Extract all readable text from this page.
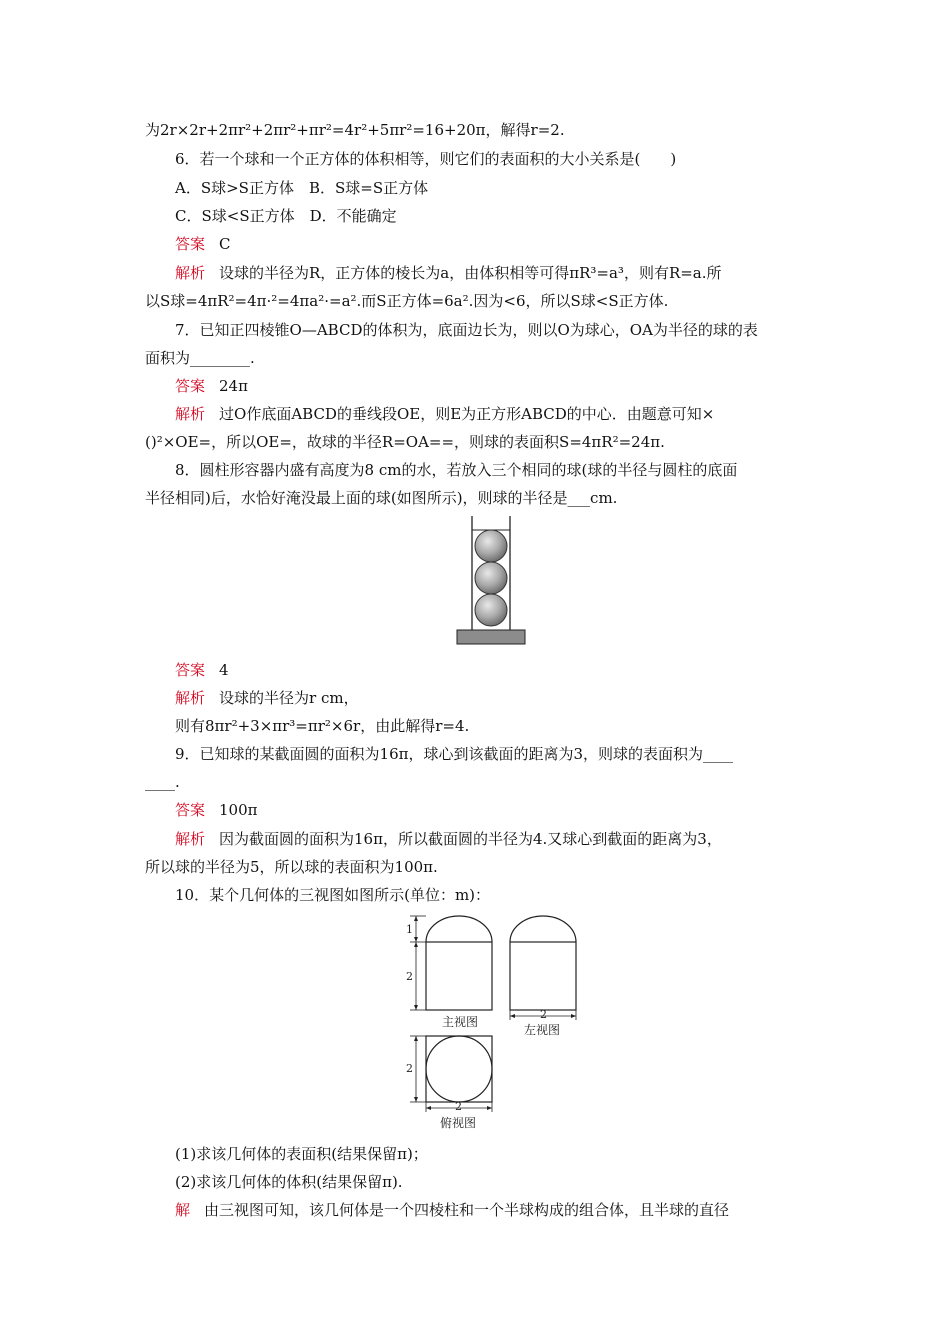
为2r×2r+2πr²+2πr²+πr²=4r²+5πr²=16+20π，解得r=2.
6．若一个球和一个正方体的体积相等，则它们的表面积的大小关系是(　　)
A．S球>S正方体　B．S球=S正方体
C．S球<S正方体　D．不能确定
答案 C
解析 设球的半径为R，正方体的棱长为a，由体积相等可得πR³=a³，则有R=a.所
以S球=4πR²=4π·²=4πa²·=a².而S正方体=6a².因为<6，所以S球<S正方体.
7．已知正四棱锥O—ABCD的体积为，底面边长为，则以O为球心，OA为半径的球的表
面积为________.
答案 24π
解析 过O作底面ABCD的垂线段OE，则E为正方形ABCD的中心．由题意可知×
()²×OE=，所以OE=，故球的半径R=OA==，则球的表面积S=4πR²=24π.
8．圆柱形容器内盛有高度为8 cm的水，若放入三个相同的球(球的半径与圆柱的底面
半径相同)后，水恰好淹没最上面的球(如图所示)，则球的半径是___cm.
答案 4
解析 设球的半径为r cm，
则有8πr²+3×πr³=πr²×6r，由此解得r=4.
9．已知球的某截面圆的面积为16π，球心到该截面的距离为3，则球的表面积为____
____.
答案 100π
解析 因为截面圆的面积为16π，所以截面圆的半径为4.又球心到截面的距离为3，
所以球的半径为5，所以球的表面积为100π.
10．某个几何体的三视图如图所示(单位：m)：
1
2
主视图
2
左视图
2
2
俯视图
(1)求该几何体的表面积(结果保留π)；
(2)求该几何体的体积(结果保留π).
解 由三视图可知，该几何体是一个四棱柱和一个半球构成的组合体，且半球的直径
